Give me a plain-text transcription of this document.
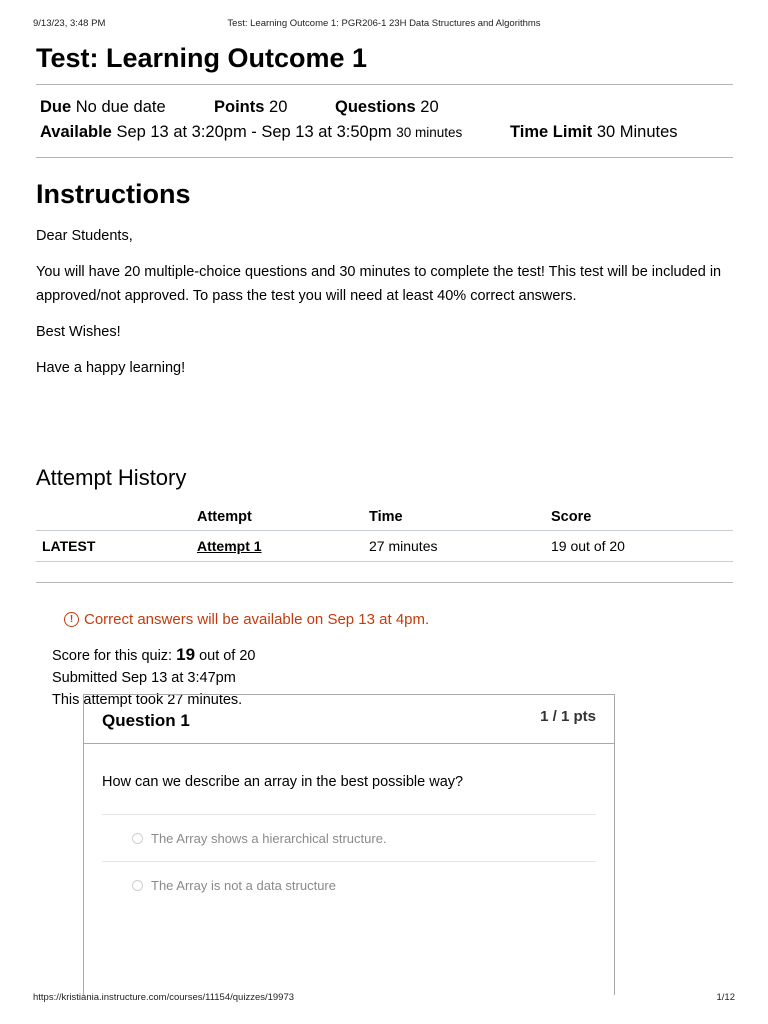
9/13/23, 3:48 PM	Test: Learning Outcome 1: PGR206-1 23H Data Structures and Algorithms
Test: Learning Outcome 1
Due No due date	Points 20	Questions 20
Available Sep 13 at 3:20pm - Sep 13 at 3:50pm 30 minutes	Time Limit 30 Minutes
Instructions

Dear Students,

You will have 20 multiple-choice questions and 30 minutes to complete the test! This test will be included in approved/not approved. To pass the test you will need at least 40% correct answers.

Best Wishes!

Have a happy learning!

Attempt History
	Attempt	Time	Score
LATEST	Attempt 1	27 minutes	19 out of 20
! Correct answers will be available on Sep 13 at 4pm.
Score for this quiz: 19 out of 20
Submitted Sep 13 at 3:47pm
This attempt took 27 minutes.
Question 1	1 / 1 pts

How can we describe an array in the best possible way?

The Array shows a hierarchical structure.
The Array is not a data structure
https://kristiania.instructure.com/courses/11154/quizzes/19973	1/12
